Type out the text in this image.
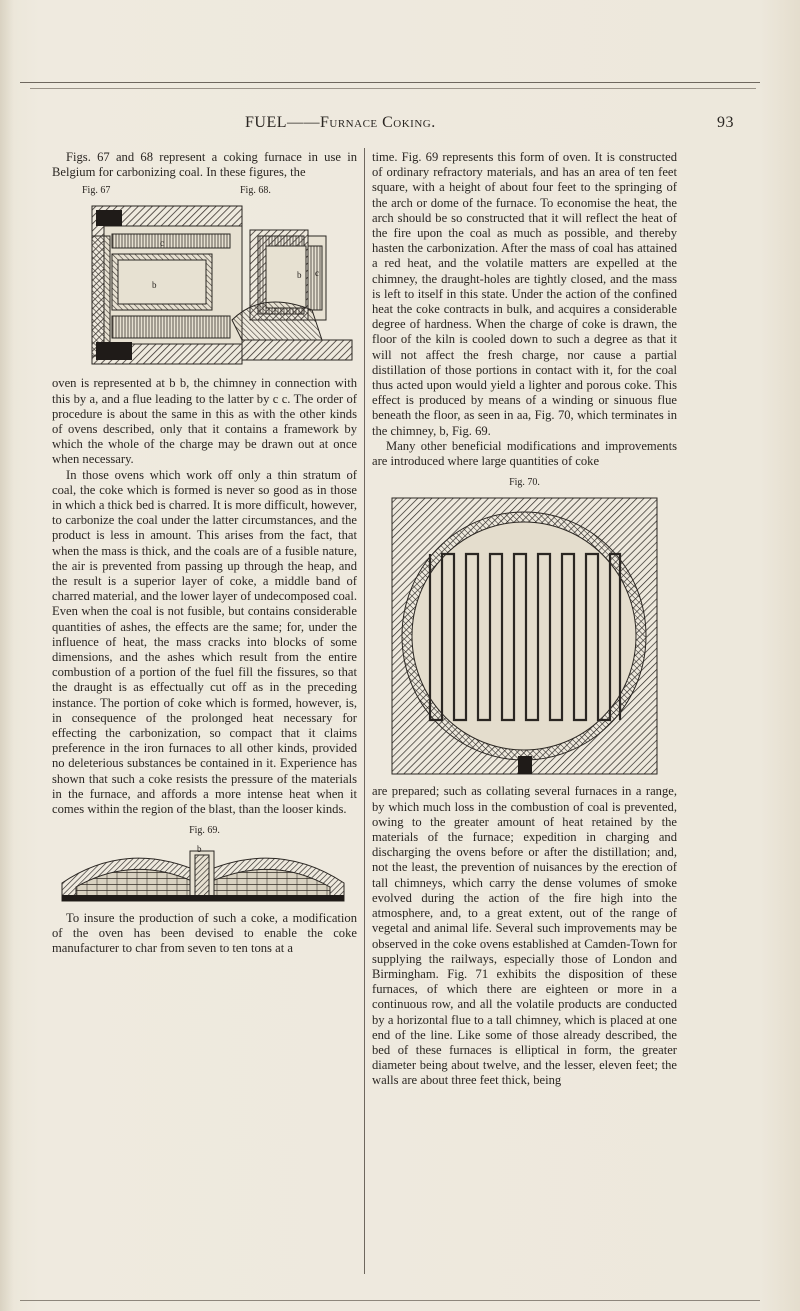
FUEL——Furnace Coking.	93

Figs. 67 and 68 represent a coking furnace in use in Belgium for carbonizing coal. In these figures, the

Fig. 67	Fig. 68.
c
b
b c

oven is represented at b b, the chimney in connection with this by a, and a flue leading to the latter by c c. The order of procedure is about the same in this as with the other kinds of ovens described, only that it contains a framework by which the whole of the charge may be drawn out at once when necessary.

In those ovens which work off only a thin stratum of coal, the coke which is formed is never so good as in those in which a thick bed is charred. It is more difficult, however, to carbonize the coal under the latter circumstances, and the product is less in amount. This arises from the fact, that when the mass is thick, and the coals are of a fusible nature, the air is prevented from passing up through the heap, and the result is a superior layer of coke, a middle band of charred material, and the lower layer of undecomposed coal. Even when the coal is not fusible, but contains considerable quantities of ashes, the effects are the same; for, under the influence of heat, the mass cracks into blocks of some dimensions, and the ashes which result from the entire combustion of a portion of the fuel fill the fissures, so that the draught is as effectually cut off as in the preceding instance. The portion of coke which is formed, however, is, in consequence of the prolonged heat necessary for effecting the carbonization, so compact that it claims preference in the iron furnaces to all other kinds, provided no deleterious substances be contained in it. Experience has shown that such a coke resists the pressure of the materials in the furnace, and affords a more intense heat when it comes within the region of the blast, than the looser kinds.

Fig. 69.
b

To insure the production of such a coke, a modification of the oven has been devised to enable the coke manufacturer to char from seven to ten tons at a

time. Fig. 69 represents this form of oven. It is constructed of ordinary refractory materials, and has an area of ten feet square, with a height of about four feet to the springing of the arch or dome of the furnace. To economise the heat, the arch should be so constructed that it will reflect the heat of the fire upon the coal as much as possible, and thereby hasten the carbonization. After the mass of coal has attained a red heat, and the volatile matters are expelled at the chimney, the draught-holes are tightly closed, and the mass is left to itself in this state. Under the action of the confined heat the coke contracts in bulk, and acquires a considerable degree of hardness. When the charge of coke is drawn, the floor of the kiln is cooled down to such a degree as that it will not affect the fresh charge, nor cause a partial distillation of those portions in contact with it, for the coal thus acted upon would yield a lighter and porous coke. This effect is produced by means of a winding or sinuous flue beneath the floor, as seen in aa, Fig. 70, which terminates in the chimney, b, Fig. 69.

Many other beneficial modifications and improvements are introduced where large quantities of coke

Fig. 70.

are prepared; such as collating several furnaces in a range, by which much loss in the combustion of coal is prevented, owing to the greater amount of heat retained by the materials of the furnace; expedition in charging and discharging the ovens before or after the distillation; and, not the least, the prevention of nuisances by the erection of tall chimneys, which carry the dense volumes of smoke evolved during the action of the fire high into the atmosphere, and, to a great extent, out of the range of vegetal and animal life. Several such improvements may be observed in the coke ovens established at Camden-Town for supplying the railways, especially those of London and Birmingham. Fig. 71 exhibits the disposition of these furnaces, of which there are eighteen or more in a continuous row, and all the volatile products are conducted by a horizontal flue to a tall chimney, which is placed at one end of the line. Like some of those already described, the bed of these furnaces is elliptical in form, the greater diameter being about twelve, and the lesser, eleven feet; the walls are about three feet thick, being
